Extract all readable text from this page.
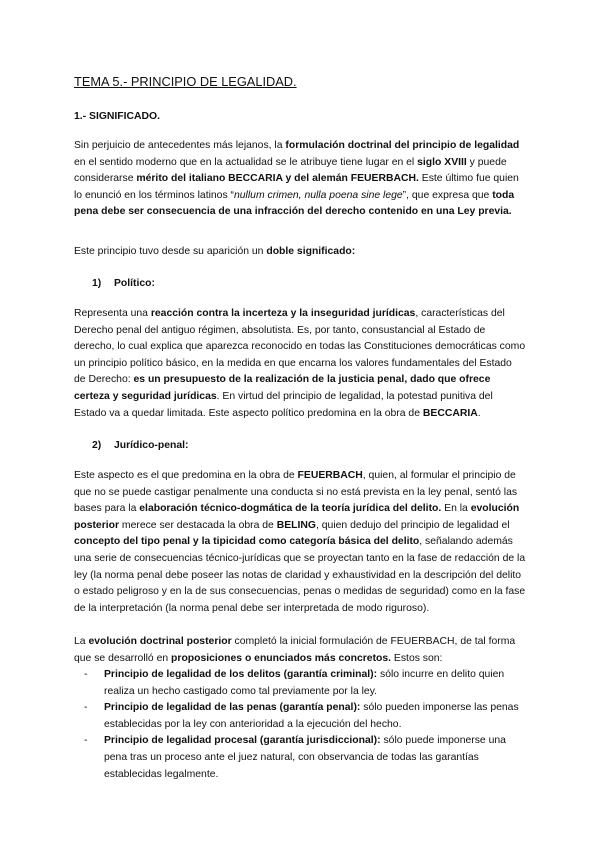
TEMA 5.- PRINCIPIO DE LEGALIDAD.
1.- SIGNIFICADO.

Sin perjuicio de antecedentes más lejanos, la formulación doctrinal del principio de legalidad en el sentido moderno que en la actualidad se le atribuye tiene lugar en el siglo XVIII y puede considerarse mérito del italiano BECCARIA y del alemán FEUERBACH. Este último fue quien lo enunció en los términos latinos “nullum crimen, nulla poena sine lege”, que expresa que toda pena debe ser consecuencia de una infracción del derecho contenido en una Ley previa.

Este principio tuvo desde su aparición un doble significado:

1) Político:

Representa una reacción contra la incerteza y la inseguridad jurídicas, características del Derecho penal del antiguo régimen, absolutista. Es, por tanto, consustancial al Estado de derecho, lo cual explica que aparezca reconocido en todas las Constituciones democráticas como un principio político básico, en la medida en que encarna los valores fundamentales del Estado de Derecho: es un presupuesto de la realización de la justicia penal, dado que ofrece certeza y seguridad jurídicas. En virtud del principio de legalidad, la potestad punitiva del Estado va a quedar limitada. Este aspecto político predomina en la obra de BECCARIA.

2) Jurídico-penal:

Este aspecto es el que predomina en la obra de FEUERBACH, quien, al formular el principio de que no se puede castigar penalmente una conducta si no está prevista en la ley penal, sentó las bases para la elaboración técnico-dogmática de la teoría jurídica del delito. En la evolución posterior merece ser destacada la obra de BELING, quien dedujo del principio de legalidad el concepto del tipo penal y la tipicidad como categoría básica del delito, señalando además una serie de consecuencias técnico-jurídicas que se proyectan tanto en la fase de redacción de la ley (la norma penal debe poseer las notas de claridad y exhaustividad en la descripción del delito o estado peligroso y en la de sus consecuencias, penas o medidas de seguridad) como en la fase de la interpretación (la norma penal debe ser interpretada de modo riguroso).

La evolución doctrinal posterior completó la inicial formulación de FEUERBACH, de tal forma que se desarrolló en proposiciones o enunciados más concretos. Estos son:

- Principio de legalidad de los delitos (garantía criminal): sólo incurre en delito quien realiza un hecho castigado como tal previamente por la ley.
- Principio de legalidad de las penas (garantía penal): sólo pueden imponerse las penas establecidas por la ley con anterioridad a la ejecución del hecho.
- Principio de legalidad procesal (garantía jurisdiccional): sólo puede imponerse una pena tras un proceso ante el juez natural, con observancia de todas las garantías establecidas legalmente.
